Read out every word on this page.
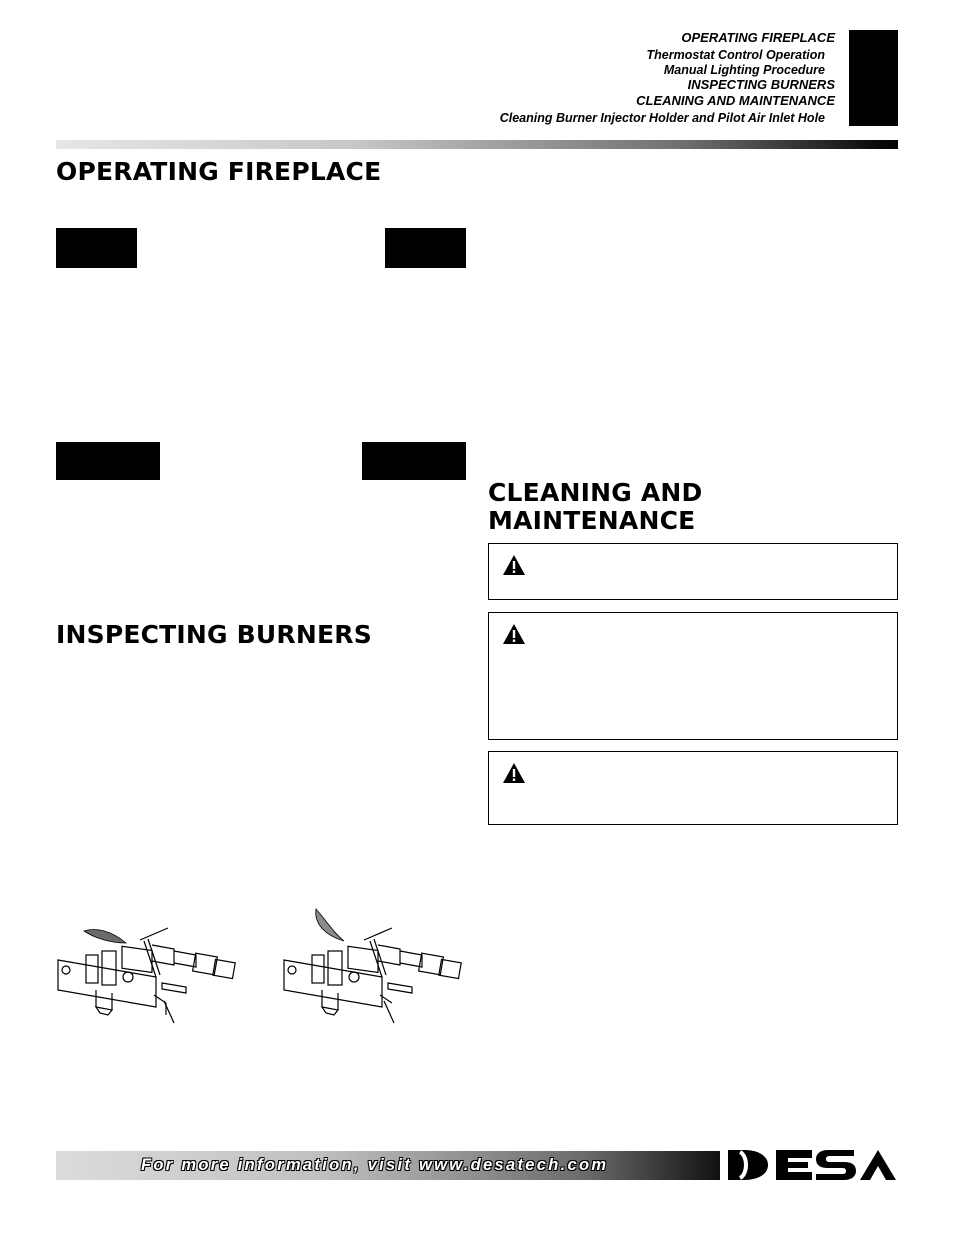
OPERATING FIREPLACE

Thermostat Control Operation

Manual Lighting Procedure

INSPECTING BURNERS

CLEANING AND MAINTENANCE

Cleaning Burner Injector Holder and Pilot Air Inlet Hole

OPERATING FIREPLACE
INSPECTING BURNERS
CLEANING AND
MAINTENANCE

For more information, visit www.desatech.com
